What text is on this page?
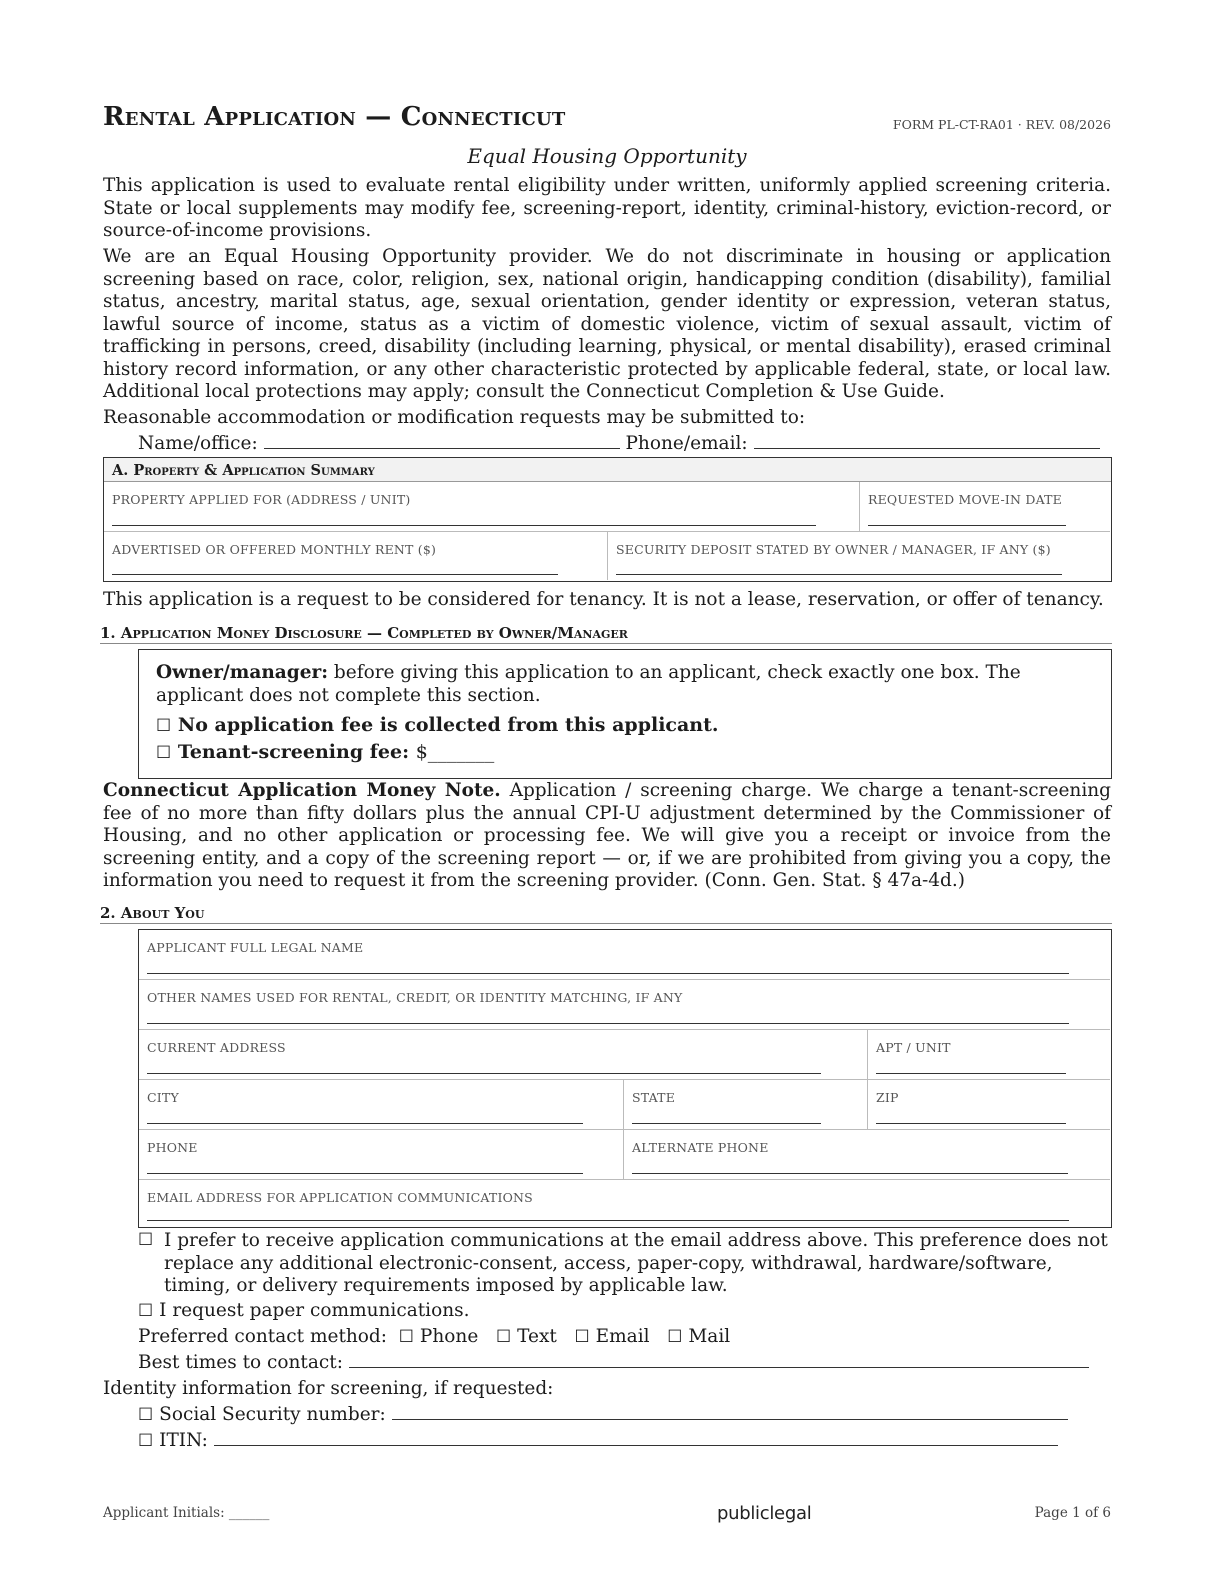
Rental Application — Connecticut	FORM PL-CT-RA01 · REV. 08/2026
Equal Housing Opportunity
This application is used to evaluate rental eligibility under written, uniformly applied screening criteria. State or local supplements may modify fee, screening-report, identity, criminal-history, eviction-record, or source-of-income provisions.
We are an Equal Housing Opportunity provider. We do not discriminate in housing or application screening based on race, color, religion, sex, national origin, handicapping condition (disability), familial status, ancestry, marital status, age, sexual orientation, gender identity or expression, veteran status, lawful source of income, status as a victim of domestic violence, victim of sexual assault, victim of trafficking in persons, creed, disability (including learning, physical, or mental disability), erased criminal history record information, or any other characteristic protected by applicable federal, state, or local law. Additional local protections may apply; consult the Connecticut Completion & Use Guide.
Reasonable accommodation or modification requests may be submitted to:
Name/office:	Phone/email:
A. Property & Application Summary
PROPERTY APPLIED FOR (ADDRESS / UNIT)	REQUESTED MOVE-IN DATE
ADVERTISED OR OFFERED MONTHLY RENT ($)	SECURITY DEPOSIT STATED BY OWNER / MANAGER, IF ANY ($)
This application is a request to be considered for tenancy. It is not a lease, reservation, or offer of tenancy.
1. Application Money Disclosure — Completed by Owner/Manager
Owner/manager: before giving this application to an applicant, check exactly one box. The applicant does not complete this section.
☐ No application fee is collected from this applicant.
☐ Tenant-screening fee: $_______
Connecticut Application Money Note. Application / screening charge. We charge a tenant-screening fee of no more than fifty dollars plus the annual CPI-U adjustment determined by the Commissioner of Housing, and no other application or processing fee. We will give you a receipt or invoice from the screening entity, and a copy of the screening report — or, if we are prohibited from giving you a copy, the information you need to request it from the screening provider. (Conn. Gen. Stat. § 47a-4d.)
2. About You
APPLICANT FULL LEGAL NAME
OTHER NAMES USED FOR RENTAL, CREDIT, OR IDENTITY MATCHING, IF ANY
CURRENT ADDRESS	APT / UNIT
CITY	STATE	ZIP
PHONE	ALTERNATE PHONE
EMAIL ADDRESS FOR APPLICATION COMMUNICATIONS
☐ I prefer to receive application communications at the email address above. This preference does not replace any additional electronic-consent, access, paper-copy, withdrawal, hardware/software, timing, or delivery requirements imposed by applicable law.
☐ I request paper communications.
Preferred contact method: ☐ Phone ☐ Text ☐ Email ☐ Mail
Best times to contact:
Identity information for screening, if requested:
☐ Social Security number:
☐ ITIN:
Applicant Initials: ______	publiclegal	Page 1 of 6
